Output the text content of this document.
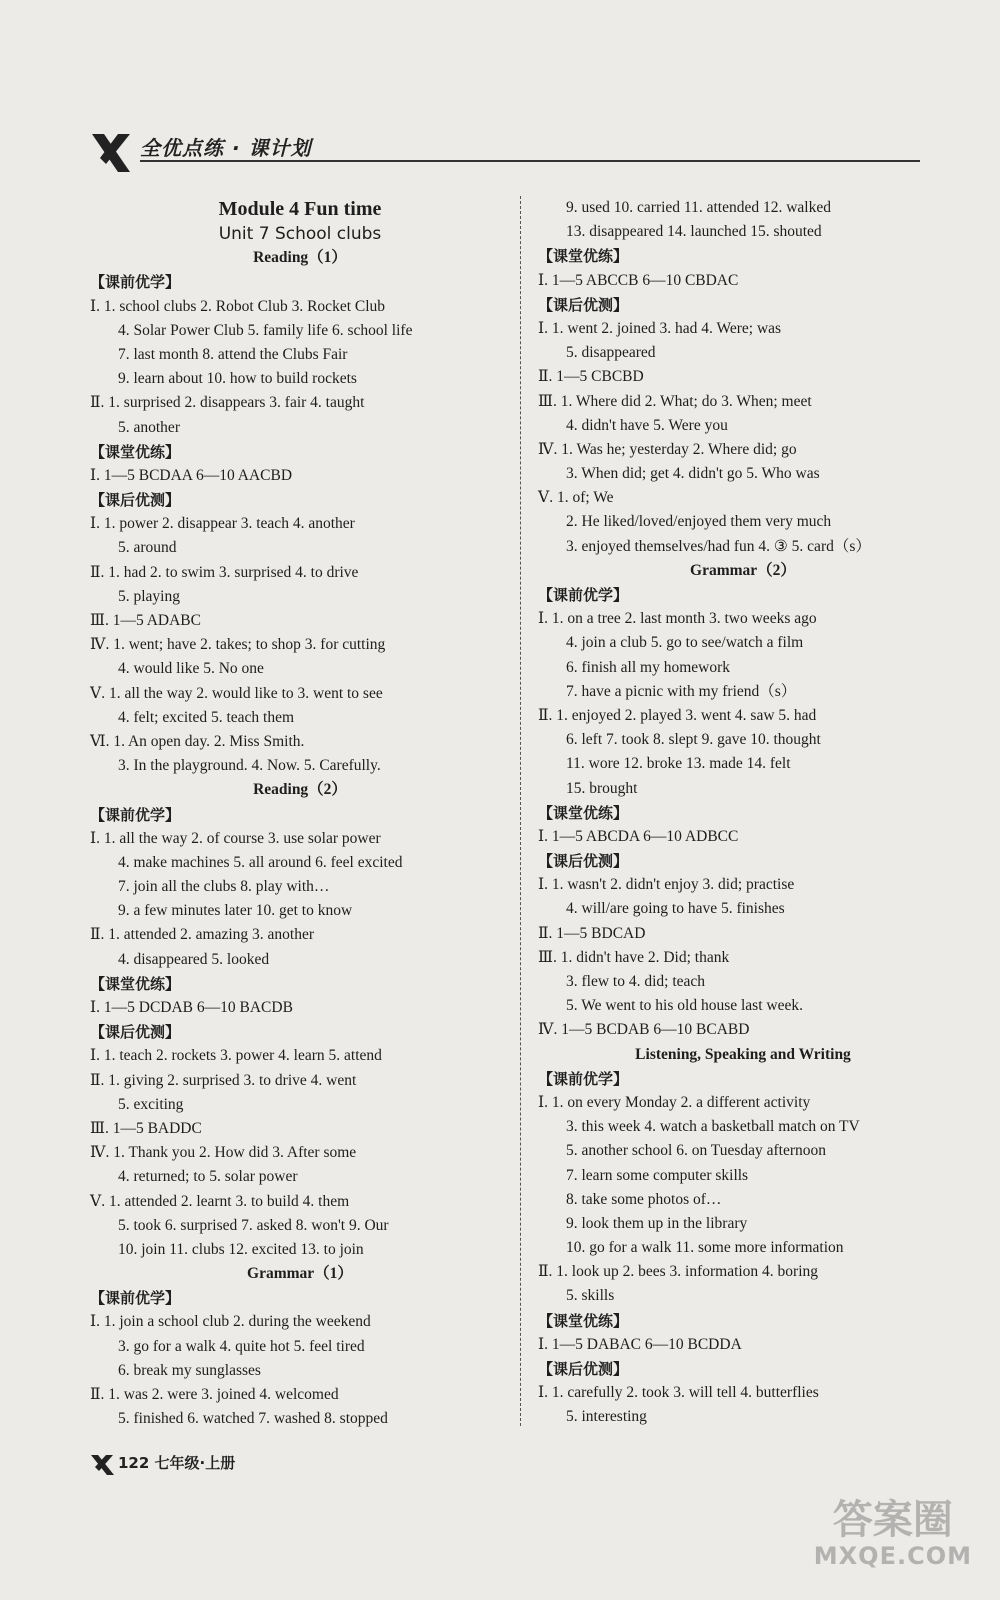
全优点练 · 课计划
Module 4 Fun time
Unit 7 School clubs
Reading（1）
【课前优学】
Ⅰ. 1. school clubs 2. Robot Club 3. Rocket Club
4. Solar Power Club 5. family life 6. school life
7. last month 8. attend the Clubs Fair
9. learn about 10. how to build rockets
Ⅱ. 1. surprised 2. disappears 3. fair 4. taught
5. another
【课堂优练】
Ⅰ. 1—5 BCDAA 6—10 AACBD
【课后优测】
Ⅰ. 1. power 2. disappear 3. teach 4. another
5. around
Ⅱ. 1. had 2. to swim 3. surprised 4. to drive
5. playing
Ⅲ. 1—5 ADABC
Ⅳ. 1. went; have 2. takes; to shop 3. for cutting
4. would like 5. No one
Ⅴ. 1. all the way 2. would like to 3. went to see
4. felt; excited 5. teach them
Ⅵ. 1. An open day. 2. Miss Smith.
3. In the playground. 4. Now. 5. Carefully.
Reading（2）
【课前优学】
Ⅰ. 1. all the way 2. of course 3. use solar power
4. make machines 5. all around 6. feel excited
7. join all the clubs 8. play with…
9. a few minutes later 10. get to know
Ⅱ. 1. attended 2. amazing 3. another
4. disappeared 5. looked
【课堂优练】
Ⅰ. 1—5 DCDAB 6—10 BACDB
【课后优测】
Ⅰ. 1. teach 2. rockets 3. power 4. learn 5. attend
Ⅱ. 1. giving 2. surprised 3. to drive 4. went
5. exciting
Ⅲ. 1—5 BADDC
Ⅳ. 1. Thank you 2. How did 3. After some
4. returned; to 5. solar power
Ⅴ. 1. attended 2. learnt 3. to build 4. them
5. took 6. surprised 7. asked 8. won't 9. Our
10. join 11. clubs 12. excited 13. to join
Grammar（1）
【课前优学】
Ⅰ. 1. join a school club 2. during the weekend
3. go for a walk 4. quite hot 5. feel tired
6. break my sunglasses
Ⅱ. 1. was 2. were 3. joined 4. welcomed
5. finished 6. watched 7. washed 8. stopped
9. used 10. carried 11. attended 12. walked
13. disappeared 14. launched 15. shouted
【课堂优练】
Ⅰ. 1—5 ABCCB 6—10 CBDAC
【课后优测】
Ⅰ. 1. went 2. joined 3. had 4. Were; was
5. disappeared
Ⅱ. 1—5 CBCBD
Ⅲ. 1. Where did 2. What; do 3. When; meet
4. didn't have 5. Were you
Ⅳ. 1. Was he; yesterday 2. Where did; go
3. When did; get 4. didn't go 5. Who was
Ⅴ. 1. of; We
2. He liked/loved/enjoyed them very much
3. enjoyed themselves/had fun 4. ③ 5. card（s）
Grammar（2）
【课前优学】
Ⅰ. 1. on a tree 2. last month 3. two weeks ago
4. join a club 5. go to see/watch a film
6. finish all my homework
7. have a picnic with my friend（s）
Ⅱ. 1. enjoyed 2. played 3. went 4. saw 5. had
6. left 7. took 8. slept 9. gave 10. thought
11. wore 12. broke 13. made 14. felt
15. brought
【课堂优练】
Ⅰ. 1—5 ABCDA 6—10 ADBCC
【课后优测】
Ⅰ. 1. wasn't 2. didn't enjoy 3. did; practise
4. will/are going to have 5. finishes
Ⅱ. 1—5 BDCAD
Ⅲ. 1. didn't have 2. Did; thank
3. flew to 4. did; teach
5. We went to his old house last week.
Ⅳ. 1—5 BCDAB 6—10 BCABD
Listening, Speaking and Writing
【课前优学】
Ⅰ. 1. on every Monday 2. a different activity
3. this week 4. watch a basketball match on TV
5. another school 6. on Tuesday afternoon
7. learn some computer skills
8. take some photos of…
9. look them up in the library
10. go for a walk 11. some more information
Ⅱ. 1. look up 2. bees 3. information 4. boring
5. skills
【课堂优练】
Ⅰ. 1—5 DABAC 6—10 BCDDA
【课后优测】
Ⅰ. 1. carefully 2. took 3. will tell 4. butterflies
5. interesting
122 七年级·上册
答案圈
MXQE.COM
